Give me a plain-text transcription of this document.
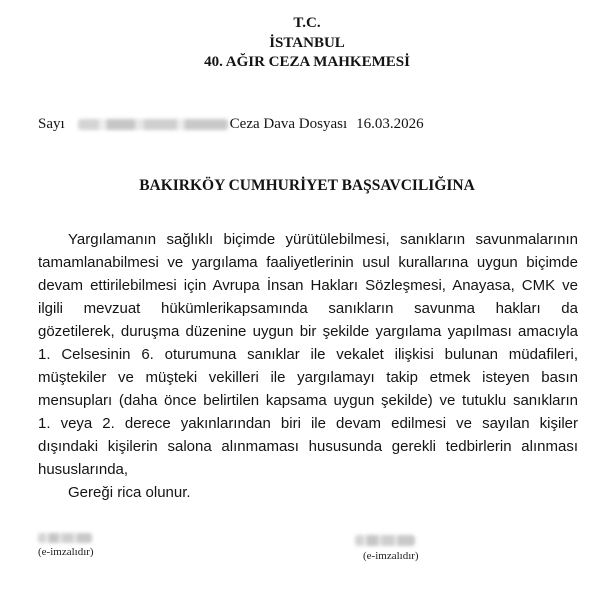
T.C.
İSTANBUL
40. AĞIR CEZA MAHKEMESİ
Sayı	Ceza Dava Dosyası 16.03.2026
BAKIRKÖY CUMHURİYET BAŞSAVCILIĞINA
Yargılamanın sağlıklı biçimde yürütülebilmesi, sanıkların savunmalarının
tamamlanabilmesi ve yargılama faaliyetlerinin usul kurallarına uygun biçimde
devam ettirilebilmesi için Avrupa İnsan Hakları Sözleşmesi, Anayasa, CMK ve
ilgili mevzuat hükümlerikapsamında sanıkların savunma hakları da
gözetilerek, duruşma düzenine uygun bir şekilde yargılama yapılması amacıyla
1. Celsesinin 6. oturumuna sanıklar ile vekalet ilişkisi bulunan müdafileri,
müştekiler ve müşteki vekilleri ile yargılamayı takip etmek isteyen basın
mensupları (daha önce belirtilen kapsama uygun şekilde) ve tutuklu sanıkların
1. veya 2. derece yakınlarından biri ile devam edilmesi ve sayılan kişiler
dışındaki kişilerin salona alınmaması hususunda gerekli tedbirlerin alınması
hususlarında,
Gereği rica olunur.
(e-imzalıdır)	(e-imzalıdır)
